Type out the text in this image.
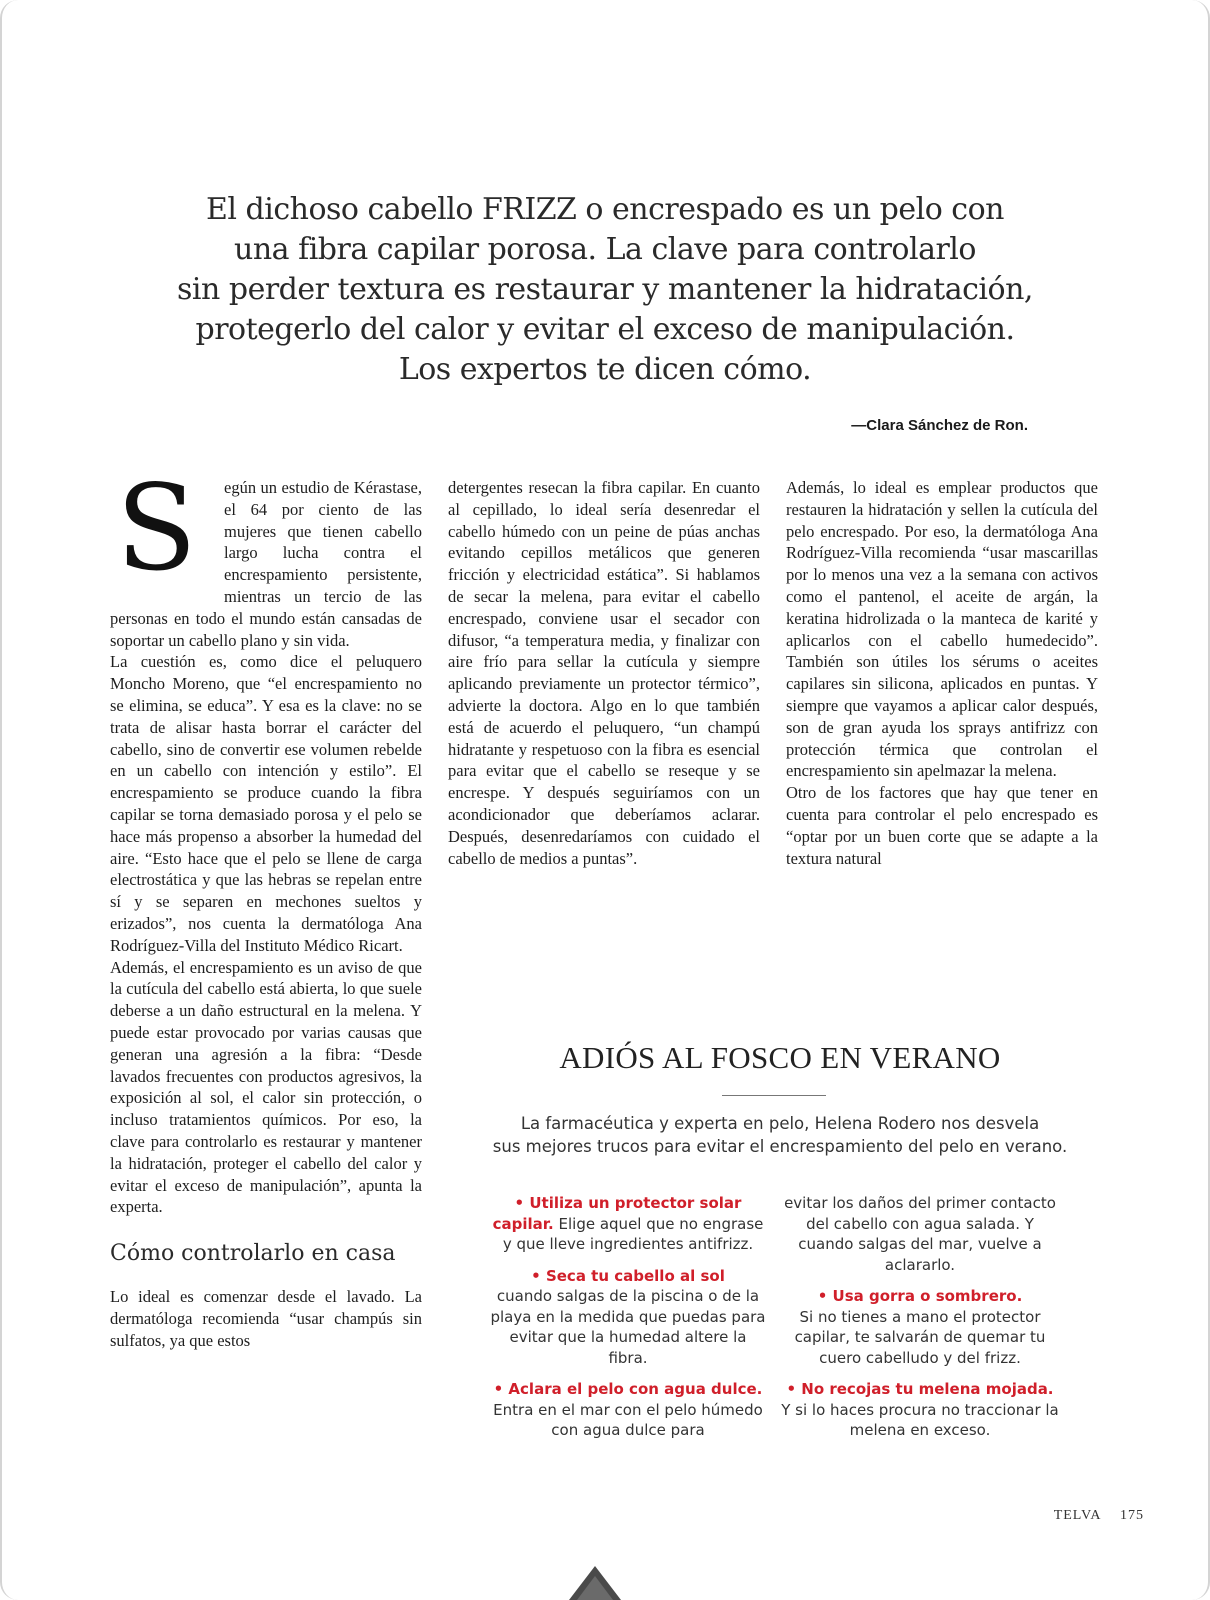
El dichoso cabello FRIZZ o encrespado es un pelo con
una fibra capilar porosa. La clave para controlarlo
sin perder textura es restaurar y mantener la hidratación,
protegerlo del calor y evitar el exceso de manipulación.
Los expertos te dicen cómo.
—Clara Sánchez de Ron.

S	egún un estudio de Kérastase, el 64 por ciento de las mujeres que tienen cabello largo lucha contra el encrespamiento persistente, mientras un tercio de las personas en todo el mundo están cansadas de soportar un cabello plano y sin vida.

La cuestión es, como dice el peluquero Moncho Moreno, que “el encrespamiento no se elimina, se educa”. Y esa es la clave: no se trata de alisar hasta borrar el carácter del cabello, sino de convertir ese volumen rebelde en un cabello con intención y estilo”. El encrespamiento se produce cuando la fibra capilar se torna demasiado porosa y el pelo se hace más propenso a absorber la humedad del aire. “Esto hace que el pelo se llene de carga electrostática y que las hebras se repelan entre sí y se separen en mechones sueltos y erizados”, nos cuenta la dermatóloga Ana Rodríguez-Villa del Instituto Médico Ricart.

Además, el encrespamiento es un aviso de que la cutícula del cabello está abierta, lo que suele deberse a un daño estructural en la melena. Y puede estar provocado por varias causas que generan una agresión a la fibra: “Desde lavados frecuentes con productos agresivos, la exposición al sol, el calor sin protección, o incluso tratamientos químicos. Por eso, la clave para controlarlo es restaurar y mantener la hidratación, proteger el cabello del calor y evitar el exceso de manipulación”, apunta la experta.

Cómo controlarlo en casa

Lo ideal es comenzar desde el lavado. La dermatóloga recomienda “usar champús sin sulfatos, ya que estos

detergentes resecan la fibra capilar. En cuanto al cepillado, lo ideal sería desenredar el cabello húmedo con un peine de púas anchas evitando cepillos metálicos que generen fricción y electricidad estática”. Si hablamos de secar la melena, para evitar el cabello encrespado, conviene usar el secador con difusor, “a temperatura media, y finalizar con aire frío para sellar la cutícula y siempre aplicando previamente un protector térmico”, advierte la doctora. Algo en lo que también está de acuerdo el peluquero, “un champú hidratante y respetuoso con la fibra es esencial para evitar que el cabello se reseque y se encrespe. Y después seguiríamos con un acondicionador que deberíamos aclarar. Después, desenredaríamos con cuidado el cabello de medios a puntas”.

Además, lo ideal es emplear productos que restauren la hidratación y sellen la cutícula del pelo encrespado. Por eso, la dermatóloga Ana Rodríguez-Villa recomienda “usar mascarillas por lo menos una vez a la semana con activos como el pantenol, el aceite de argán, la keratina hidrolizada o la manteca de karité y aplicarlos con el cabello humedecido”. También son útiles los sérums o aceites capilares sin silicona, aplicados en puntas. Y siempre que vayamos a aplicar calor después, son de gran ayuda los sprays antifrizz con protección térmica que controlan el encrespamiento sin apelmazar la melena.

Otro de los factores que hay que tener en cuenta para controlar el pelo encrespado es “optar por un buen corte que se adapte a la textura natural

ADIÓS AL FOSCO EN VERANO
La farmacéutica y experta en pelo, Helena Rodero nos desvela
sus mejores trucos para evitar el encrespamiento del pelo en verano.
• Utiliza un protector solar capilar. Elige aquel que no engrase y que lleve ingredientes antifrizz.
• Seca tu cabello al sol
cuando salgas de la piscina o de la playa en la medida que puedas para evitar que la humedad altere la fibra.
• Aclara el pelo con agua dulce.
Entra en el mar con el pelo húmedo con agua dulce para
evitar los daños del primer contacto del cabello con agua salada. Y cuando salgas del mar, vuelve a aclararlo.
• Usa gorra o sombrero.
Si no tienes a mano el protector capilar, te salvarán de quemar tu cuero cabelludo y del frizz.
• No recojas tu melena mojada.
Y si lo haces procura no traccionar la melena en exceso.
TELVA 175
